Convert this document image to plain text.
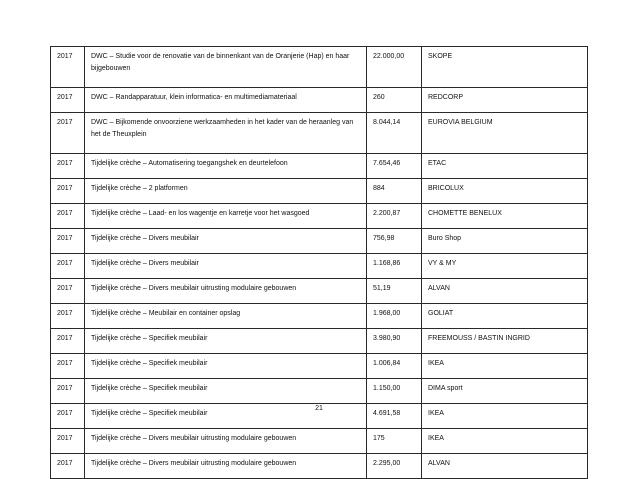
2017	DWC – Studie voor de renovatie van de binnenkant van de Oranjerie (Hap) en haar bijgebouwen	22.000,00	SKOPE
2017	DWC – Randapparatuur, klein informatica- en multimediamateriaal	260	REDCORP
2017	DWC – Bijkomende onvoorziene werkzaamheden in het kader van de heraanleg van het de Theuxplein	8.044,14	EUROVIA BELGIUM
2017	Tijdelijke crèche – Automatisering toegangshek en deurtelefoon	7.654,46	ETAC
2017	Tijdelijke crèche – 2 platformen	884	BRICOLUX
2017	Tijdelijke crèche – Laad- en los wagentje en karretje voor het wasgoed	2.200,87	CHOMETTE BENELUX
2017	Tijdelijke crèche – Divers meubilair	756,98	Buro Shop
2017	Tijdelijke crèche – Divers meubilair	1.168,86	VY & MY
2017	Tijdelijke crèche – Divers meubilair uitrusting modulaire gebouwen	51,19	ALVAN
2017	Tijdelijke crèche – Meubilair en container opslag	1.968,00	GOLIAT
2017	Tijdelijke crèche – Specifiek meubilair	3.980,90	FREEMOUSS / BASTIN INGRID
2017	Tijdelijke crèche – Specifiek meubilair	1.006,84	IKEA
2017	Tijdelijke crèche – Specifiek meubilair	1.150,00	DIMA sport
2017	Tijdelijke crèche – Specifiek meubilair	4.691,58	IKEA
2017	Tijdelijke crèche – Divers meubilair uitrusting modulaire gebouwen	175	IKEA
2017	Tijdelijke crèche – Divers meubilair uitrusting modulaire gebouwen	2.295,00	ALVAN
21
